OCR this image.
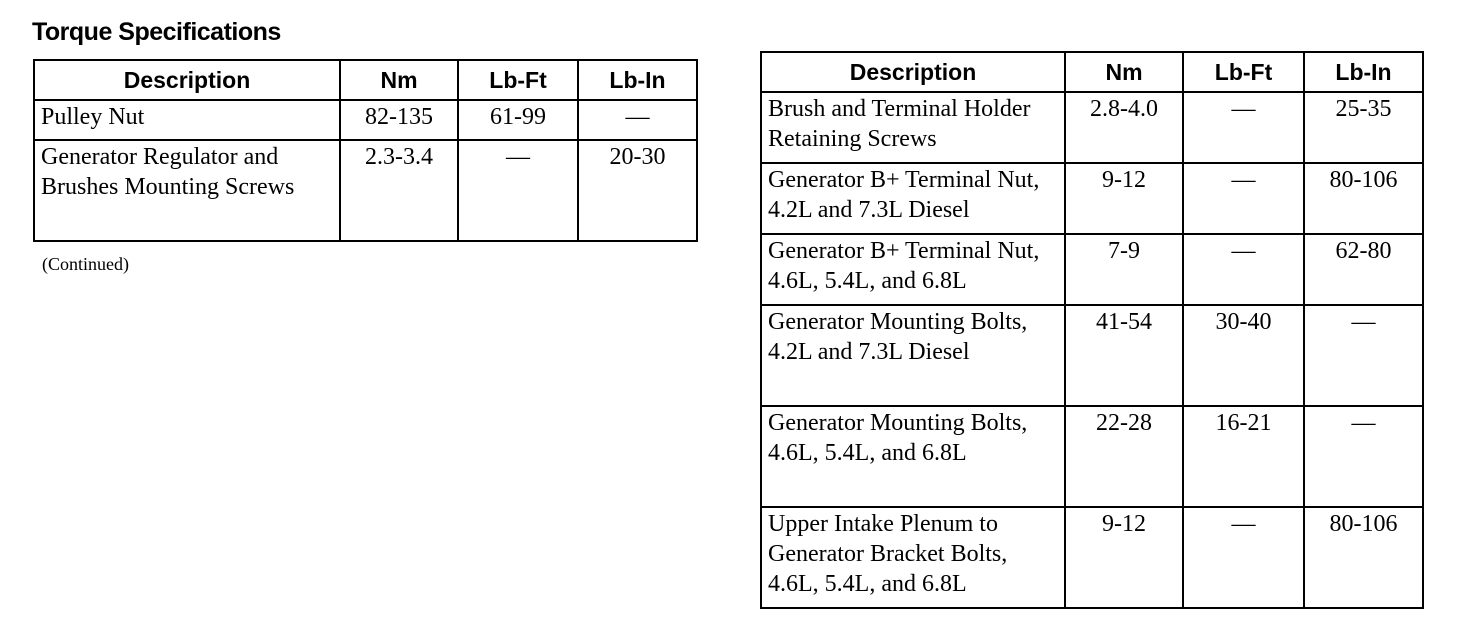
Torque Specifications
Description	Nm	Lb-Ft	Lb-In
Pulley Nut	82-135	61-99	—
Generator Regulator and Brushes Mounting Screws	2.3-3.4	—	20-30
(Continued)
Description	Nm	Lb-Ft	Lb-In
Brush and Terminal Holder Retaining Screws	2.8-4.0	—	25-35
Generator B+ Terminal Nut, 4.2L and 7.3L Diesel	9-12	—	80-106
Generator B+ Terminal Nut, 4.6L, 5.4L, and 6.8L	7-9	—	62-80
Generator Mounting Bolts, 4.2L and 7.3L Diesel	41-54	30-40	—
Generator Mounting Bolts, 4.6L, 5.4L, and 6.8L	22-28	16-21	—
Upper Intake Plenum to Generator Bracket Bolts, 4.6L, 5.4L, and 6.8L	9-12	—	80-106
